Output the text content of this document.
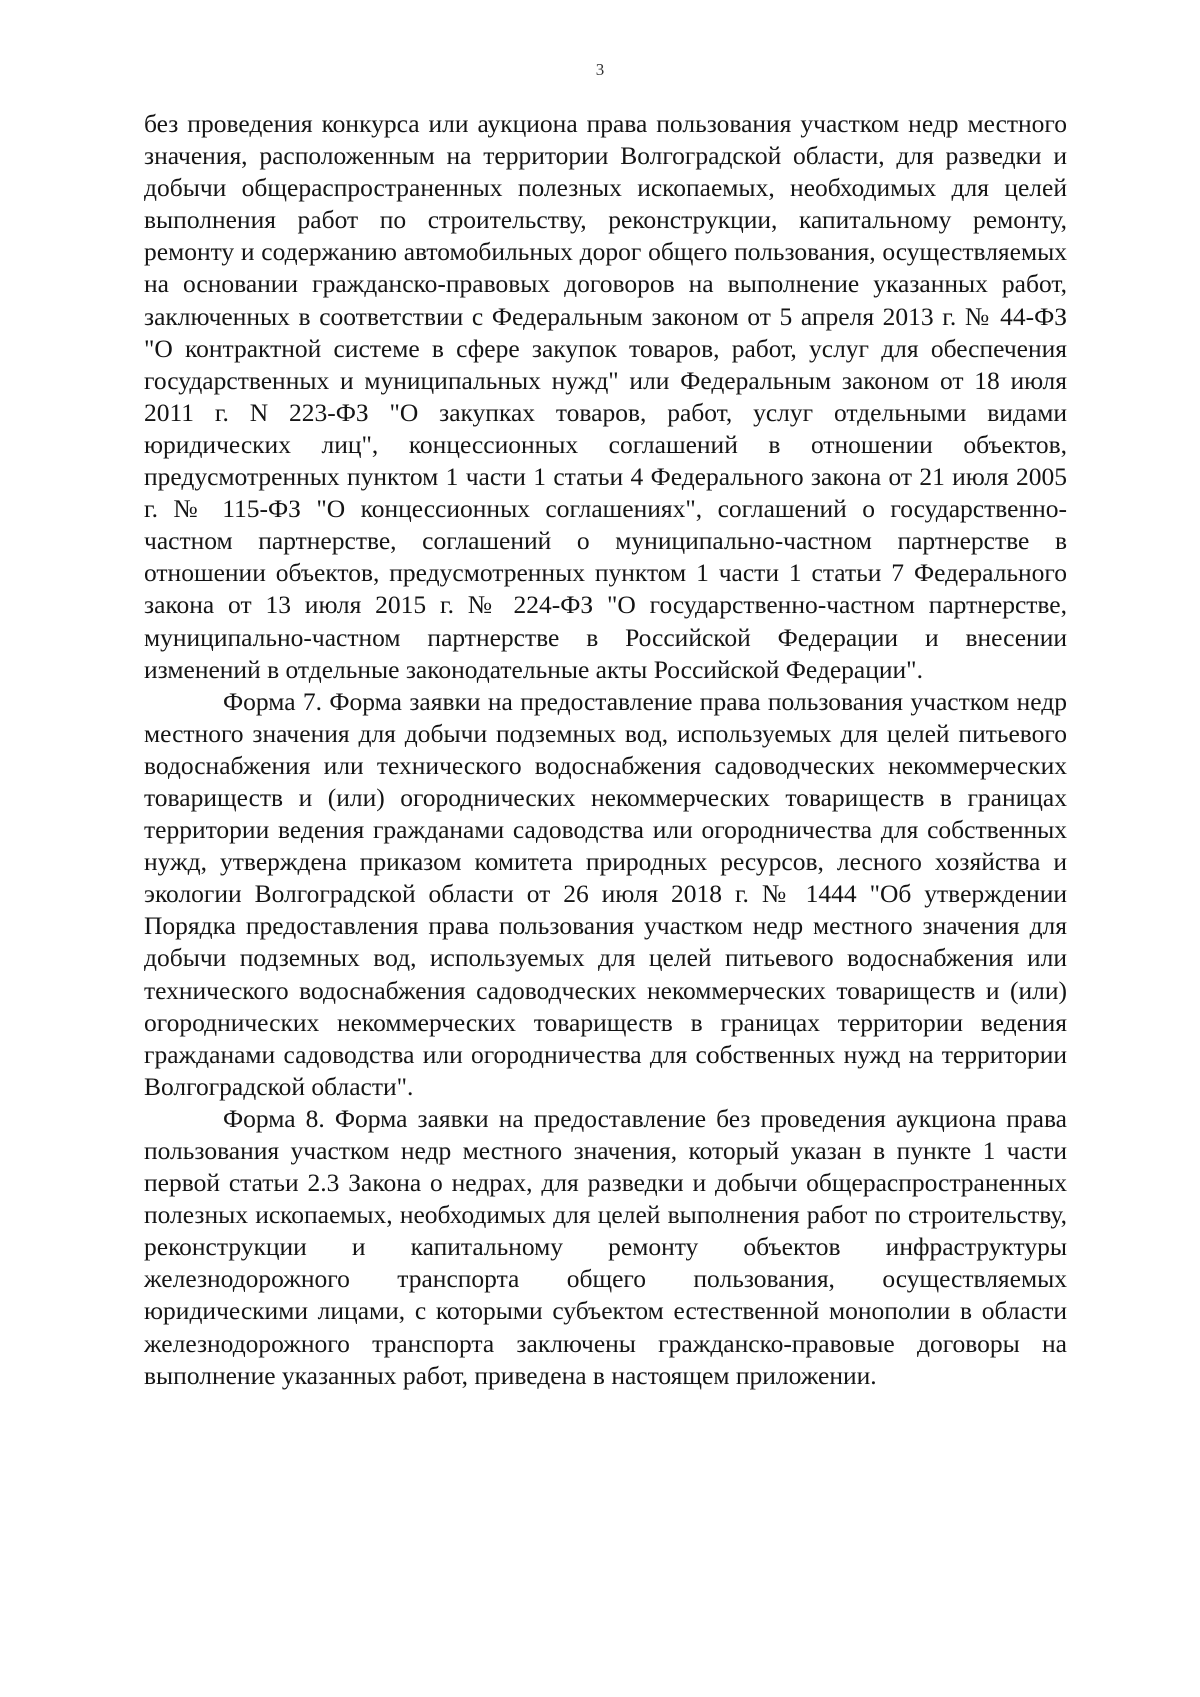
3

без проведения конкурса или аукциона права пользования участком недр местного значения, расположенным на территории Волгоградской области, для разведки и добычи общераспространенных полезных ископаемых, необходимых для целей выполнения работ по строительству, реконструкции, капитальному ремонту, ремонту и содержанию автомобильных дорог общего пользования, осуществляемых на основании гражданско-правовых договоров на выполнение указанных работ, заключенных в соответствии с Федеральным законом от 5 апреля 2013 г. № 44-ФЗ "О контрактной системе в сфере закупок товаров, работ, услуг для обеспечения государственных и муниципальных нужд" или Федеральным законом от 18 июля 2011 г. N 223-ФЗ "О закупках товаров, работ, услуг отдельными видами юридических лиц", концессионных соглашений в отношении объектов, предусмотренных пунктом 1 части 1 статьи 4 Федерального закона от 21 июля 2005 г. № 115-ФЗ "О концессионных соглашениях", соглашений о государственно-частном партнерстве, соглашений о муниципально-частном партнерстве в отношении объектов, предусмотренных пунктом 1 части 1 статьи 7 Федерального закона от 13 июля 2015 г. № 224-ФЗ "О государственно-частном партнерстве, муниципально-частном партнерстве в Российской Федерации и внесении изменений в отдельные законодательные акты Российской Федерации".

Форма 7. Форма заявки на предоставление права пользования участком недр местного значения для добычи подземных вод, используемых для целей питьевого водоснабжения или технического водоснабжения садоводческих некоммерческих товариществ и (или) огороднических некоммерческих товариществ в границах территории ведения гражданами садоводства или огородничества для собственных нужд, утверждена приказом комитета природных ресурсов, лесного хозяйства и экологии Волгоградской области от 26 июля 2018 г. № 1444 "Об утверждении Порядка предоставления права пользования участком недр местного значения для добычи подземных вод, используемых для целей питьевого водоснабжения или технического водоснабжения садоводческих некоммерческих товариществ и (или) огороднических некоммерческих товариществ в границах территории ведения гражданами садоводства или огородничества для собственных нужд на территории Волгоградской области".

Форма 8. Форма заявки на предоставление без проведения аукциона права пользования участком недр местного значения, который указан в пункте 1 части первой статьи 2.3 Закона о недрах, для разведки и добычи общераспространенных полезных ископаемых, необходимых для целей выполнения работ по строительству, реконструкции и капитальному ремонту объектов инфраструктуры железнодорожного транспорта общего пользования, осуществляемых юридическими лицами, с которыми субъектом естественной монополии в области железнодорожного транспорта заключены гражданско-правовые договоры на выполнение указанных работ, приведена в настоящем приложении.
